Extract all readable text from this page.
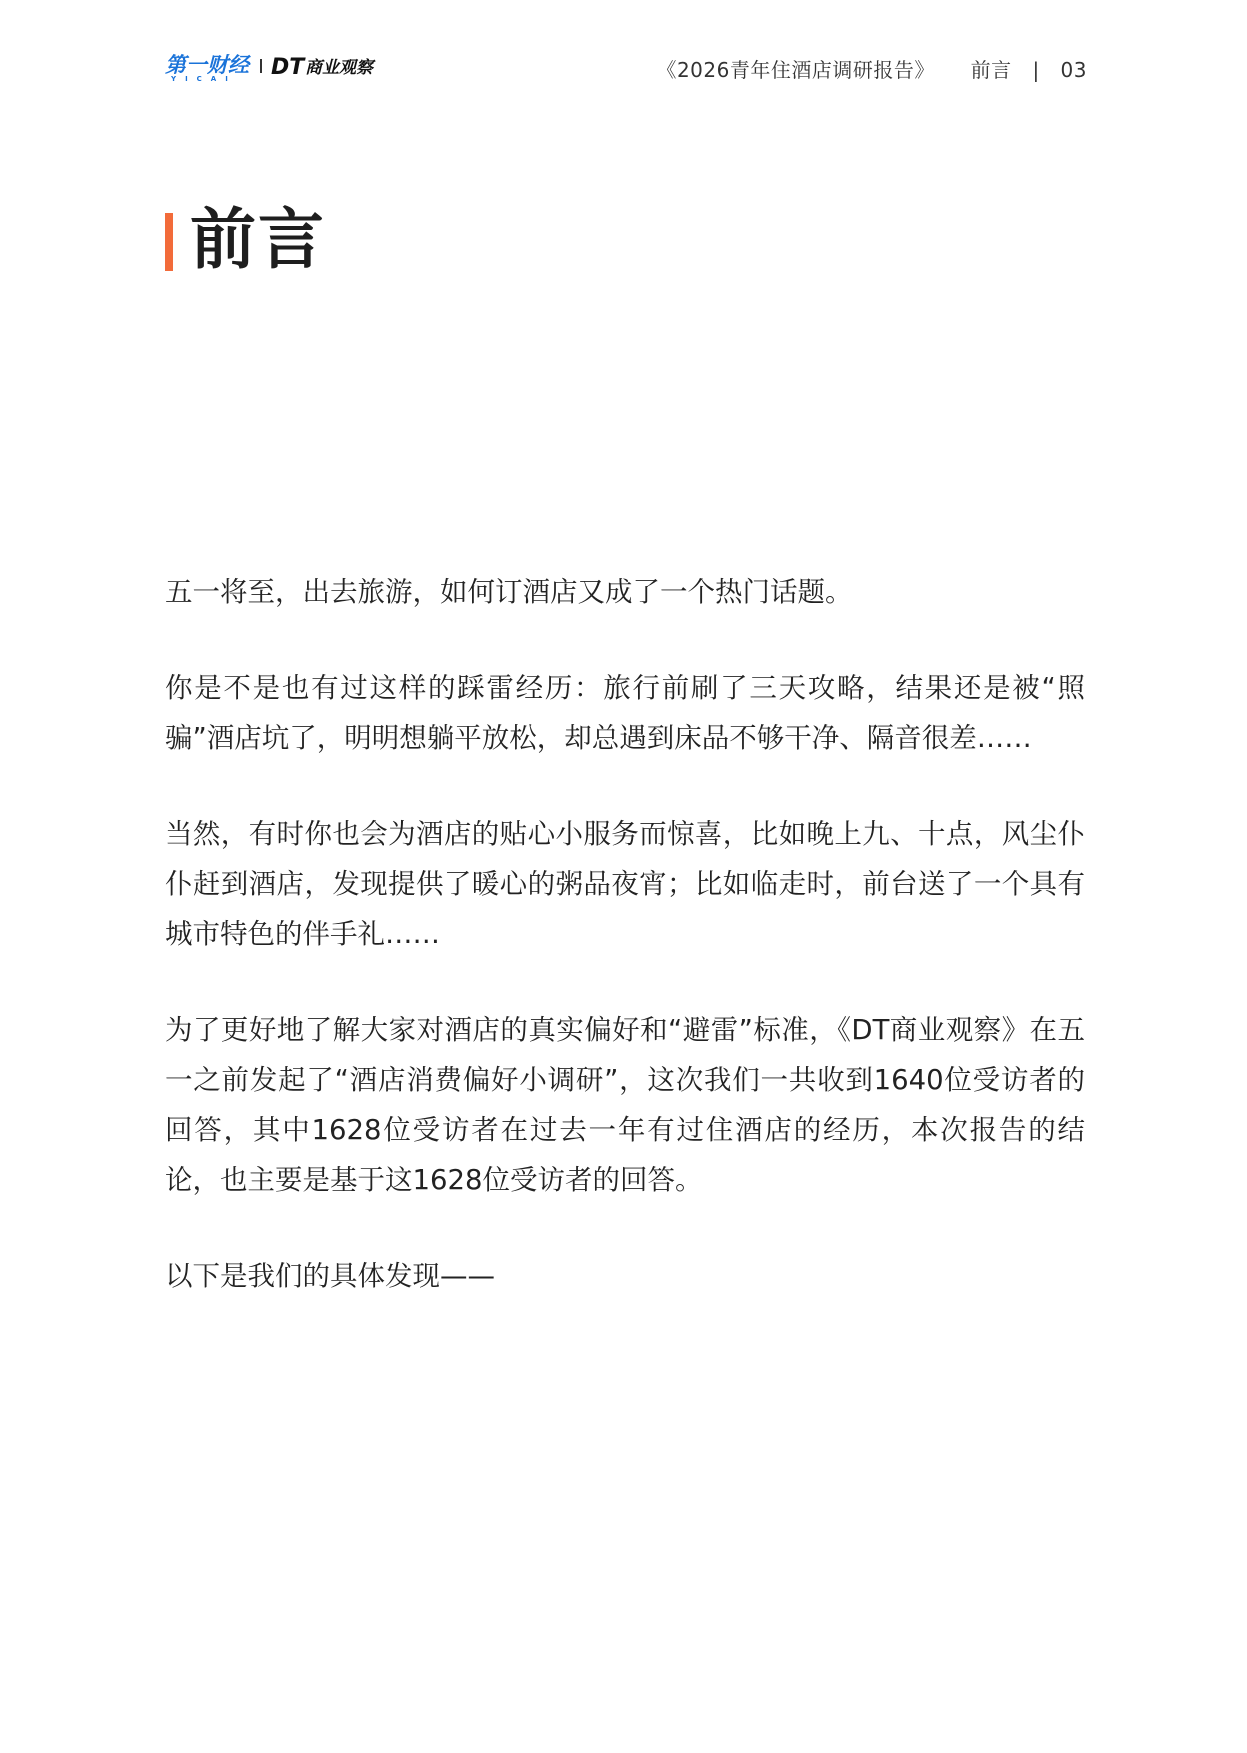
第一财经
YICAI DT 商业观察	《2026青年住酒店调研报告》 前言 | 03
前言

五一将至，出去旅游，如何订酒店又成了一个热门话题。

你是不是也有过这样的踩雷经历：旅行前刷了三天攻略，结果还是被“照骗”酒店坑了，明明想躺平放松，却总遇到床品不够干净、隔音很差……

当然，有时你也会为酒店的贴心小服务而惊喜，比如晚上九、十点，风尘仆仆赶到酒店，发现提供了暖心的粥品夜宵；比如临走时，前台送了一个具有城市特色的伴手礼……

为了更好地了解大家对酒店的真实偏好和“避雷”标准，《DT商业观察》在五一之前发起了“酒店消费偏好小调研”，这次我们一共收到1640位受访者的回答，其中1628位受访者在过去一年有过住酒店的经历，本次报告的结论，也主要是基于这1628位受访者的回答。

以下是我们的具体发现——
